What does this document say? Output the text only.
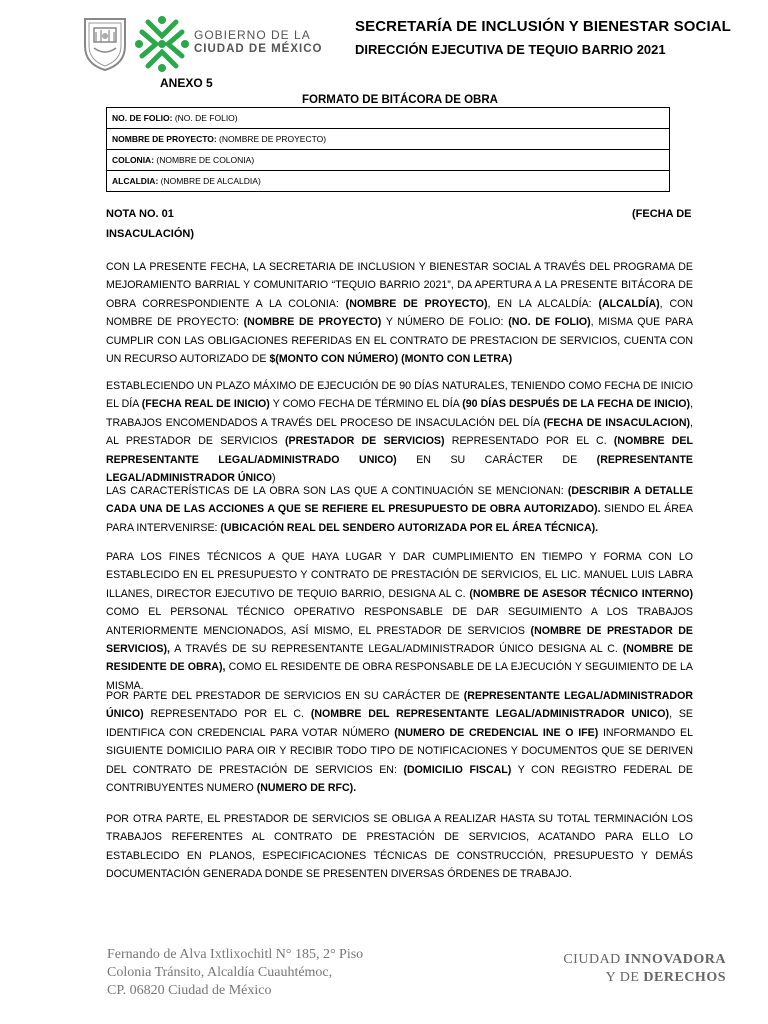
GOBIERNO DE LA
CIUDAD DE MÉXICO
SECRETARÍA DE INCLUSIÓN Y BIENESTAR SOCIAL
DIRECCIÓN EJECUTIVA DE TEQUIO BARRIO 2021
ANEXO 5
FORMATO DE BITÁCORA DE OBRA
NO. DE FOLIO: (NO. DE FOLIO)
NOMBRE DE PROYECTO: (NOMBRE DE PROYECTO)
COLONIA: (NOMBRE DE COLONIA)
ALCALDIA: (NOMBRE DE ALCALDIA)
NOTA NO. 01	(FECHA DE
INSACULACIÓN)
CON LA PRESENTE FECHA, LA SECRETARIA DE INCLUSION Y BIENESTAR SOCIAL A TRAVÉS DEL PROGRAMA DE MEJORAMIENTO BARRIAL Y COMUNITARIO “TEQUIO BARRIO 2021”, DA APERTURA A LA PRESENTE BITÁCORA DE OBRA CORRESPONDIENTE A LA COLONIA: (NOMBRE DE PROYECTO), EN LA ALCALDÍA: (ALCALDÍA), CON NOMBRE DE PROYECTO: (NOMBRE DE PROYECTO) Y NÚMERO DE FOLIO: (NO. DE FOLIO), MISMA QUE PARA CUMPLIR CON LAS OBLIGACIONES REFERIDAS EN EL CONTRATO DE PRESTACION DE SERVICIOS, CUENTA CON UN RECURSO AUTORIZADO DE $(MONTO CON NÚMERO) (MONTO CON LETRA)
ESTABLECIENDO UN PLAZO MÁXIMO DE EJECUCIÓN DE 90 DÍAS NATURALES, TENIENDO COMO FECHA DE INICIO EL DÍA (FECHA REAL DE INICIO) Y COMO FECHA DE TÉRMINO EL DÍA (90 DÍAS DESPUÉS DE LA FECHA DE INICIO), TRABAJOS ENCOMENDADOS A TRAVÉS DEL PROCESO DE INSACULACIÓN DEL DÍA (FECHA DE INSACULACION), AL PRESTADOR DE SERVICIOS (PRESTADOR DE SERVICIOS) REPRESENTADO POR EL C. (NOMBRE DEL REPRESENTANTE LEGAL/ADMINISTRADO UNICO) EN SU CARÁCTER DE (REPRESENTANTE LEGAL/ADMINISTRADOR ÚNICO)
LAS CARACTERÍSTICAS DE LA OBRA SON LAS QUE A CONTINUACIÓN SE MENCIONAN: (DESCRIBIR A DETALLE CADA UNA DE LAS ACCIONES A QUE SE REFIERE EL PRESUPUESTO DE OBRA AUTORIZADO). SIENDO EL ÁREA PARA INTERVENIRSE: (UBICACIÓN REAL DEL SENDERO AUTORIZADA POR EL ÁREA TÉCNICA).
PARA LOS FINES TÉCNICOS A QUE HAYA LUGAR Y DAR CUMPLIMIENTO EN TIEMPO Y FORMA CON LO ESTABLECIDO EN EL PRESUPUESTO Y CONTRATO DE PRESTACIÓN DE SERVICIOS, EL LIC. MANUEL LUIS LABRA ILLANES, DIRECTOR EJECUTIVO DE TEQUIO BARRIO, DESIGNA AL C. (NOMBRE DE ASESOR TÉCNICO INTERNO) COMO EL PERSONAL TÉCNICO OPERATIVO RESPONSABLE DE DAR SEGUIMIENTO A LOS TRABAJOS ANTERIORMENTE MENCIONADOS, ASÍ MISMO, EL PRESTADOR DE SERVICIOS (NOMBRE DE PRESTADOR DE SERVICIOS), A TRAVÉS DE SU REPRESENTANTE LEGAL/ADMINISTRADOR ÚNICO DESIGNA AL C. (NOMBRE DE RESIDENTE DE OBRA), COMO EL RESIDENTE DE OBRA RESPONSABLE DE LA EJECUCIÓN Y SEGUIMIENTO DE LA MISMA.
POR PARTE DEL PRESTADOR DE SERVICIOS EN SU CARÁCTER DE (REPRESENTANTE LEGAL/ADMINISTRADOR ÚNICO) REPRESENTADO POR EL C. (NOMBRE DEL REPRESENTANTE LEGAL/ADMINISTRADOR UNICO), SE IDENTIFICA CON CREDENCIAL PARA VOTAR NÚMERO (NUMERO DE CREDENCIAL INE O IFE) INFORMANDO EL SIGUIENTE DOMICILIO PARA OIR Y RECIBIR TODO TIPO DE NOTIFICACIONES Y DOCUMENTOS QUE SE DERIVEN DEL CONTRATO DE PRESTACIÓN DE SERVICIOS EN: (DOMICILIO FISCAL) Y CON REGISTRO FEDERAL DE CONTRIBUYENTES NUMERO (NUMERO DE RFC).
POR OTRA PARTE, EL PRESTADOR DE SERVICIOS SE OBLIGA A REALIZAR HASTA SU TOTAL TERMINACIÓN LOS TRABAJOS REFERENTES AL CONTRATO DE PRESTACIÓN DE SERVICIOS, ACATANDO PARA ELLO LO ESTABLECIDO EN PLANOS, ESPECIFICACIONES TÉCNICAS DE CONSTRUCCIÓN, PRESUPUESTO Y DEMÁS DOCUMENTACIÓN GENERADA DONDE SE PRESENTEN DIVERSAS ÓRDENES DE TRABAJO.
Fernando de Alva Ixtlixochitl N° 185, 2° Piso
Colonia Tránsito, Alcaldía Cuauhtémoc,
CP. 06820 Ciudad de México
CIUDAD INNOVADORA
Y DE DERECHOS
